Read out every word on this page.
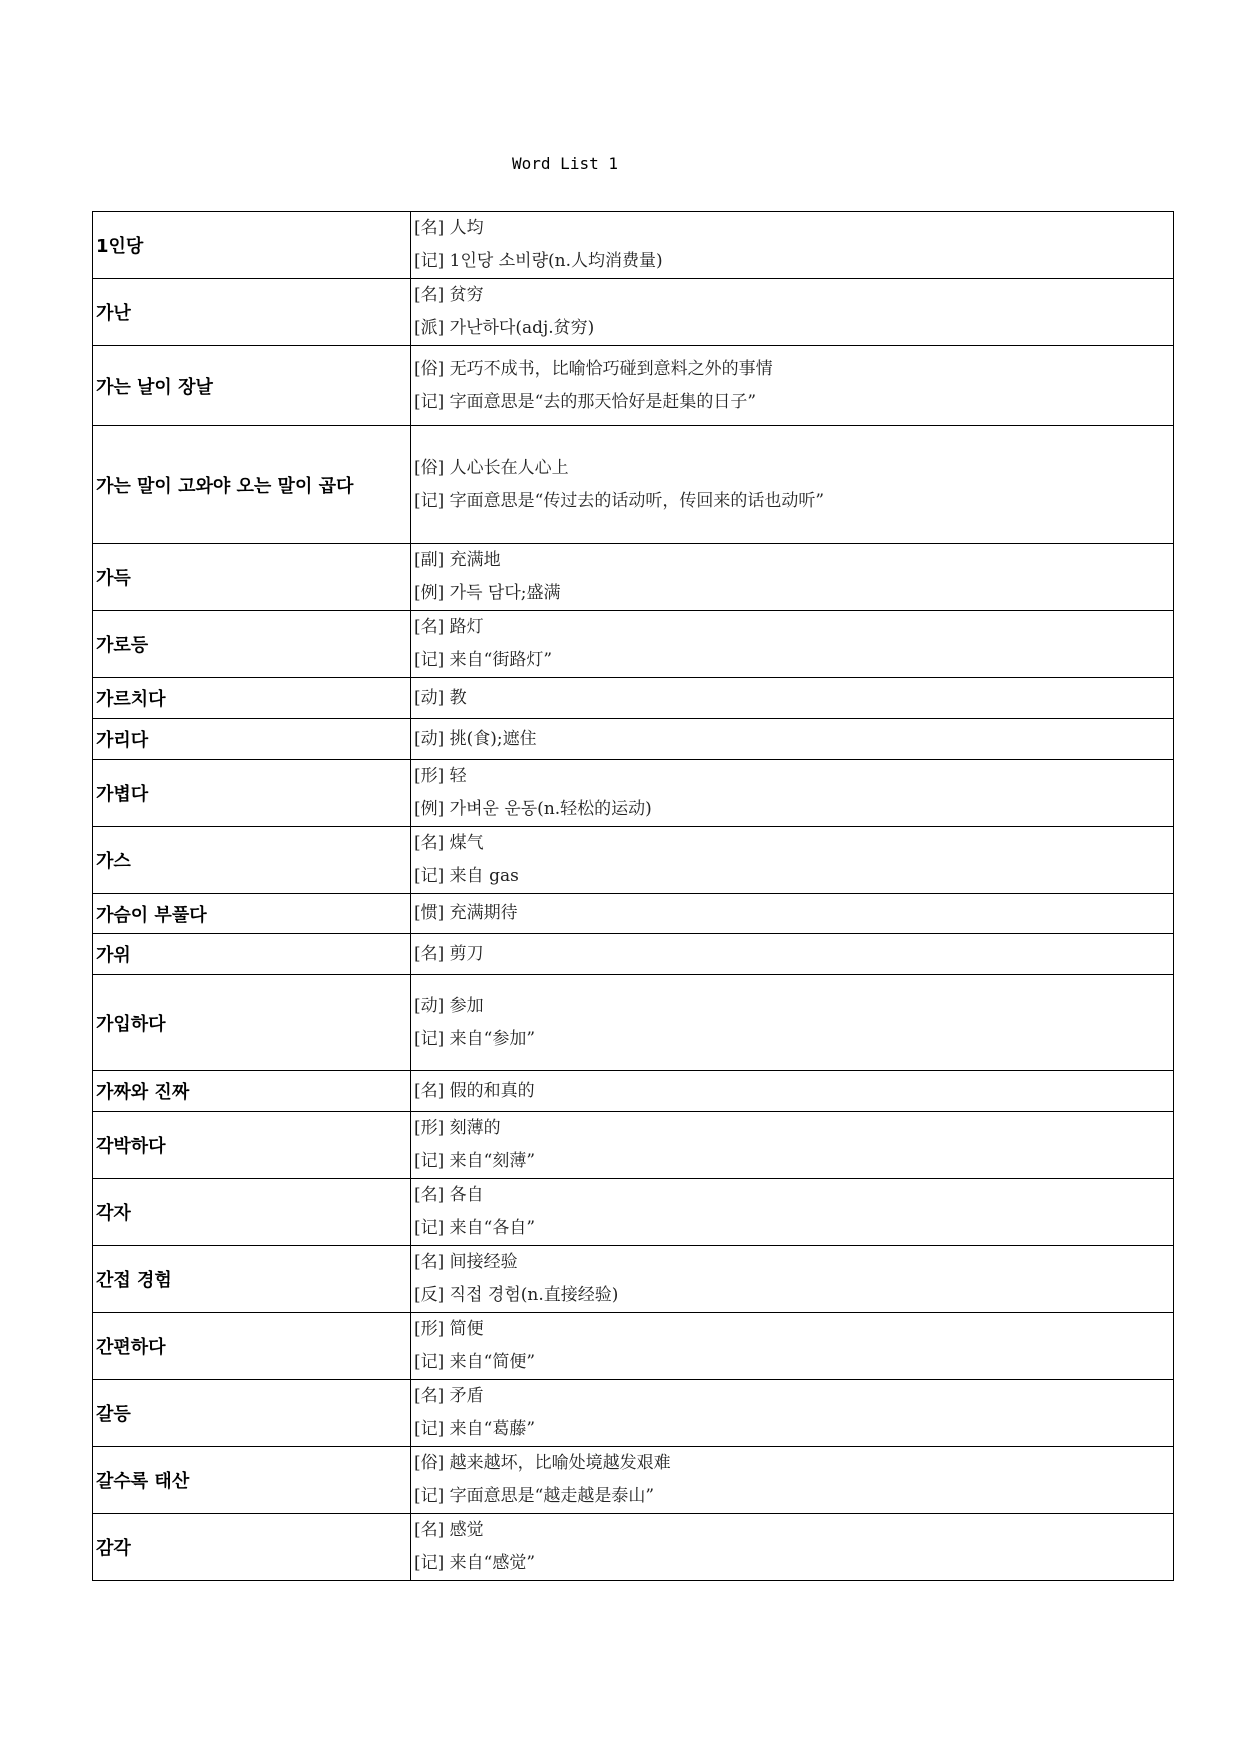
Word List 1
1인당	[名] 人均
[记] 1인당 소비량(n.人均消费量)

가난	[名] 贫穷
[派] 가난하다(adj.贫穷)

가는 날이 장날	[俗] 无巧不成书，比喻恰巧碰到意料之外的事情
[记] 字面意思是“去的那天恰好是赶集的日子”

가는 말이 고와야 오는 말이 곱다	[俗] 人心长在人心上
[记] 字面意思是“传过去的话动听，传回来的话也动听”

가득	[副] 充满地
[例] 가득 담다;盛满

가로등	[名] 路灯
[记] 来自“街路灯”

가르치다	[动] 教

가리다	[动] 挑(食);遮住

가볍다	[形] 轻
[例] 가벼운 운동(n.轻松的运动)

가스	[名] 煤气
[记] 来自 gas

가슴이 부풀다	[惯] 充满期待

가위	[名] 剪刀

가입하다	[动] 参加
[记] 来自“参加”

가짜와 진짜	[名] 假的和真的

각박하다	[形] 刻薄的
[记] 来自“刻薄”

각자	[名] 各自
[记] 来自“各自”

간접 경험	[名] 间接经验
[反] 직접 경험(n.直接经验)

간편하다	[形] 简便
[记] 来自“简便”

갈등	[名] 矛盾
[记] 来自“葛藤”

갈수록 태산	[俗] 越来越坏，比喻处境越发艰难
[记] 字面意思是“越走越是泰山”

감각	[名] 感觉
[记] 来自“感觉”
